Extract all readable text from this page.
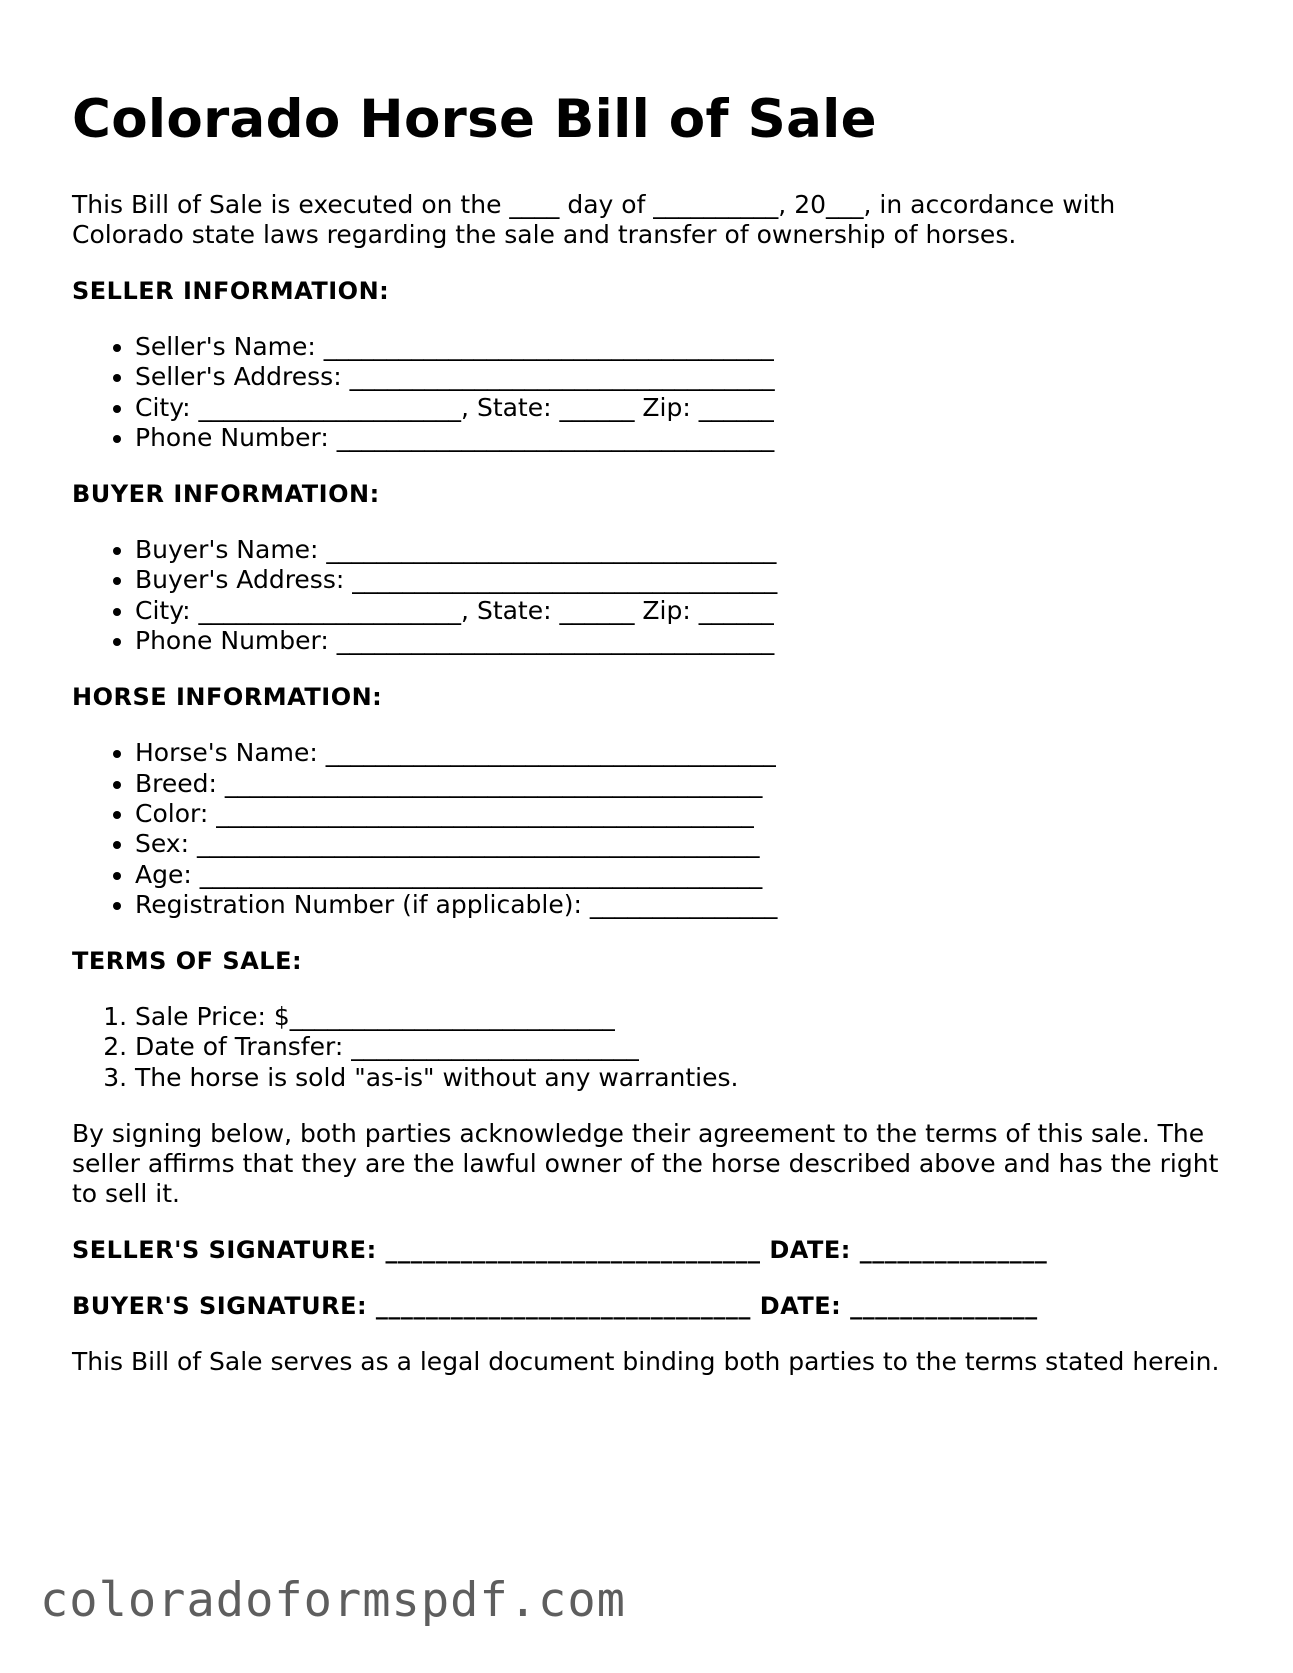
Colorado Horse Bill of Sale

This Bill of Sale is executed on the ____ day of __________, 20___, in accordance with Colorado state laws regarding the sale and transfer of ownership of horses.

SELLER INFORMATION:
• Seller's Name: ____________________________________
• Seller's Address: __________________________________
• City: _____________________, State: ______ Zip: ______
• Phone Number: ___________________________________
BUYER INFORMATION:
• Buyer's Name: ____________________________________
• Buyer's Address: __________________________________
• City: _____________________, State: ______ Zip: ______
• Phone Number: ___________________________________
HORSE INFORMATION:
• Horse's Name: ____________________________________
• Breed: ___________________________________________
• Color: ___________________________________________
• Sex: _____________________________________________
• Age: _____________________________________________
• Registration Number (if applicable): _______________
TERMS OF SALE:
1. Sale Price: $__________________________
2. Date of Transfer: _______________________
3. The horse is sold "as-is" without any warranties.

By signing below, both parties acknowledge their agreement to the terms of this sale. The seller affirms that they are the lawful owner of the horse described above and has the right to sell it.

SELLER'S SIGNATURE: ______________________________ DATE: _______________

BUYER'S SIGNATURE: ______________________________ DATE: _______________

This Bill of Sale serves as a legal document binding both parties to the terms stated herein.

coloradoformspdf.com
